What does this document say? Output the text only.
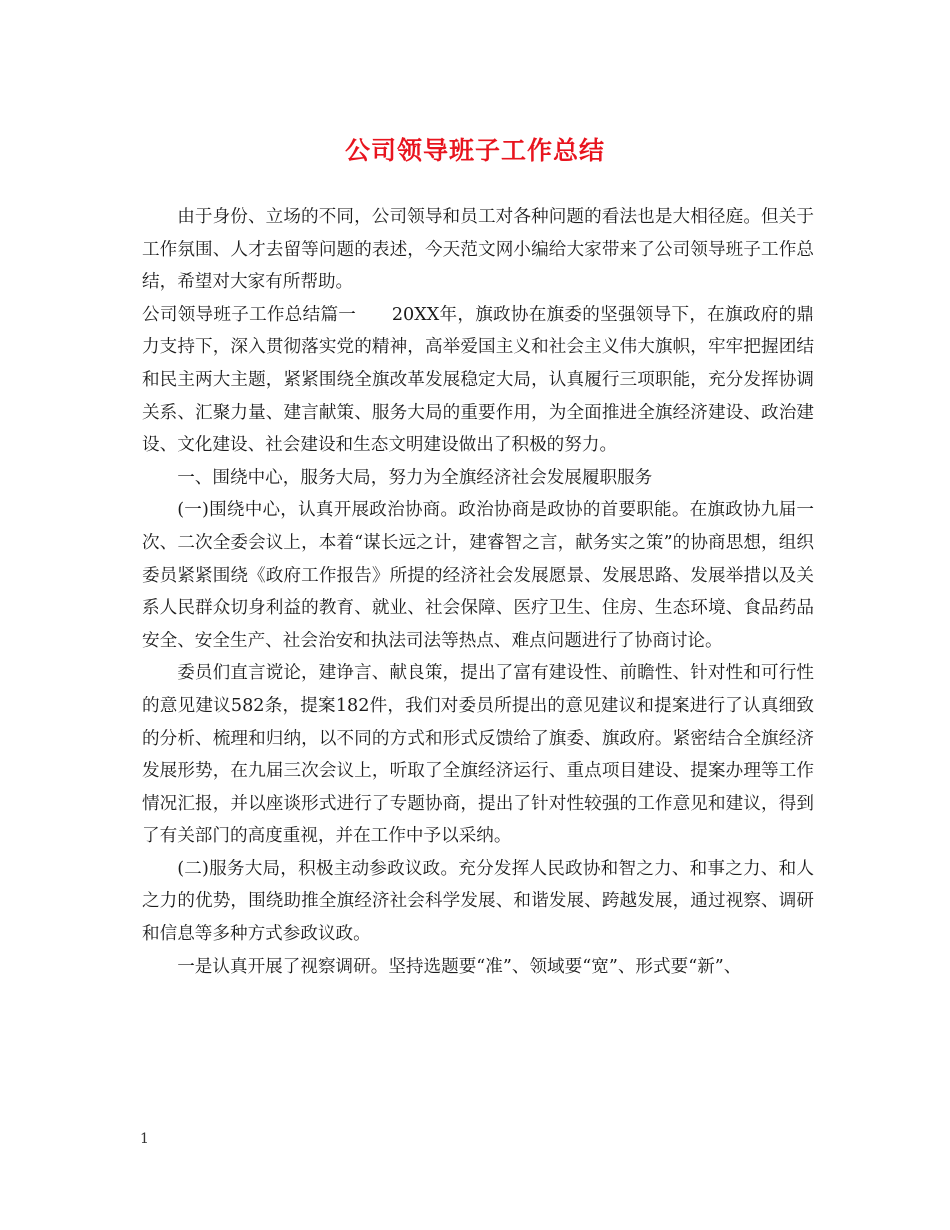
公司领导班子工作总结

由于身份、立场的不同，公司领导和员工对各种问题的看法也是大相径庭。但关于工作氛围、人才去留等问题的表述，今天范文网小编给大家带来了公司领导班子工作总结，希望对大家有所帮助。

公司领导班子工作总结篇一　　20XX年，旗政协在旗委的坚强领导下，在旗政府的鼎力支持下，深入贯彻落实党的精神，高举爱国主义和社会主义伟大旗帜，牢牢把握团结和民主两大主题，紧紧围绕全旗改革发展稳定大局，认真履行三项职能，充分发挥协调关系、汇聚力量、建言献策、服务大局的重要作用，为全面推进全旗经济建设、政治建设、文化建设、社会建设和生态文明建设做出了积极的努力。

一、围绕中心，服务大局，努力为全旗经济社会发展履职服务

(一)围绕中心，认真开展政治协商。政治协商是政协的首要职能。在旗政协九届一次、二次全委会议上，本着“谋长远之计，建睿智之言，献务实之策”的协商思想，组织委员紧紧围绕《政府工作报告》所提的经济社会发展愿景、发展思路、发展举措以及关系人民群众切身利益的教育、就业、社会保障、医疗卫生、住房、生态环境、食品药品安全、安全生产、社会治安和执法司法等热点、难点问题进行了协商讨论。

委员们直言谠论，建诤言、献良策，提出了富有建设性、前瞻性、针对性和可行性的意见建议582条，提案182件，我们对委员所提出的意见建议和提案进行了认真细致的分析、梳理和归纳，以不同的方式和形式反馈给了旗委、旗政府。紧密结合全旗经济发展形势，在九届三次会议上，听取了全旗经济运行、重点项目建设、提案办理等工作情况汇报，并以座谈形式进行了专题协商，提出了针对性较强的工作意见和建议，得到了有关部门的高度重视，并在工作中予以采纳。

(二)服务大局，积极主动参政议政。充分发挥人民政协和智之力、和事之力、和人之力的优势，围绕助推全旗经济社会科学发展、和谐发展、跨越发展，通过视察、调研和信息等多种方式参政议政。

一是认真开展了视察调研。坚持选题要“准”、领域要“宽”、形式要“新”、

1
